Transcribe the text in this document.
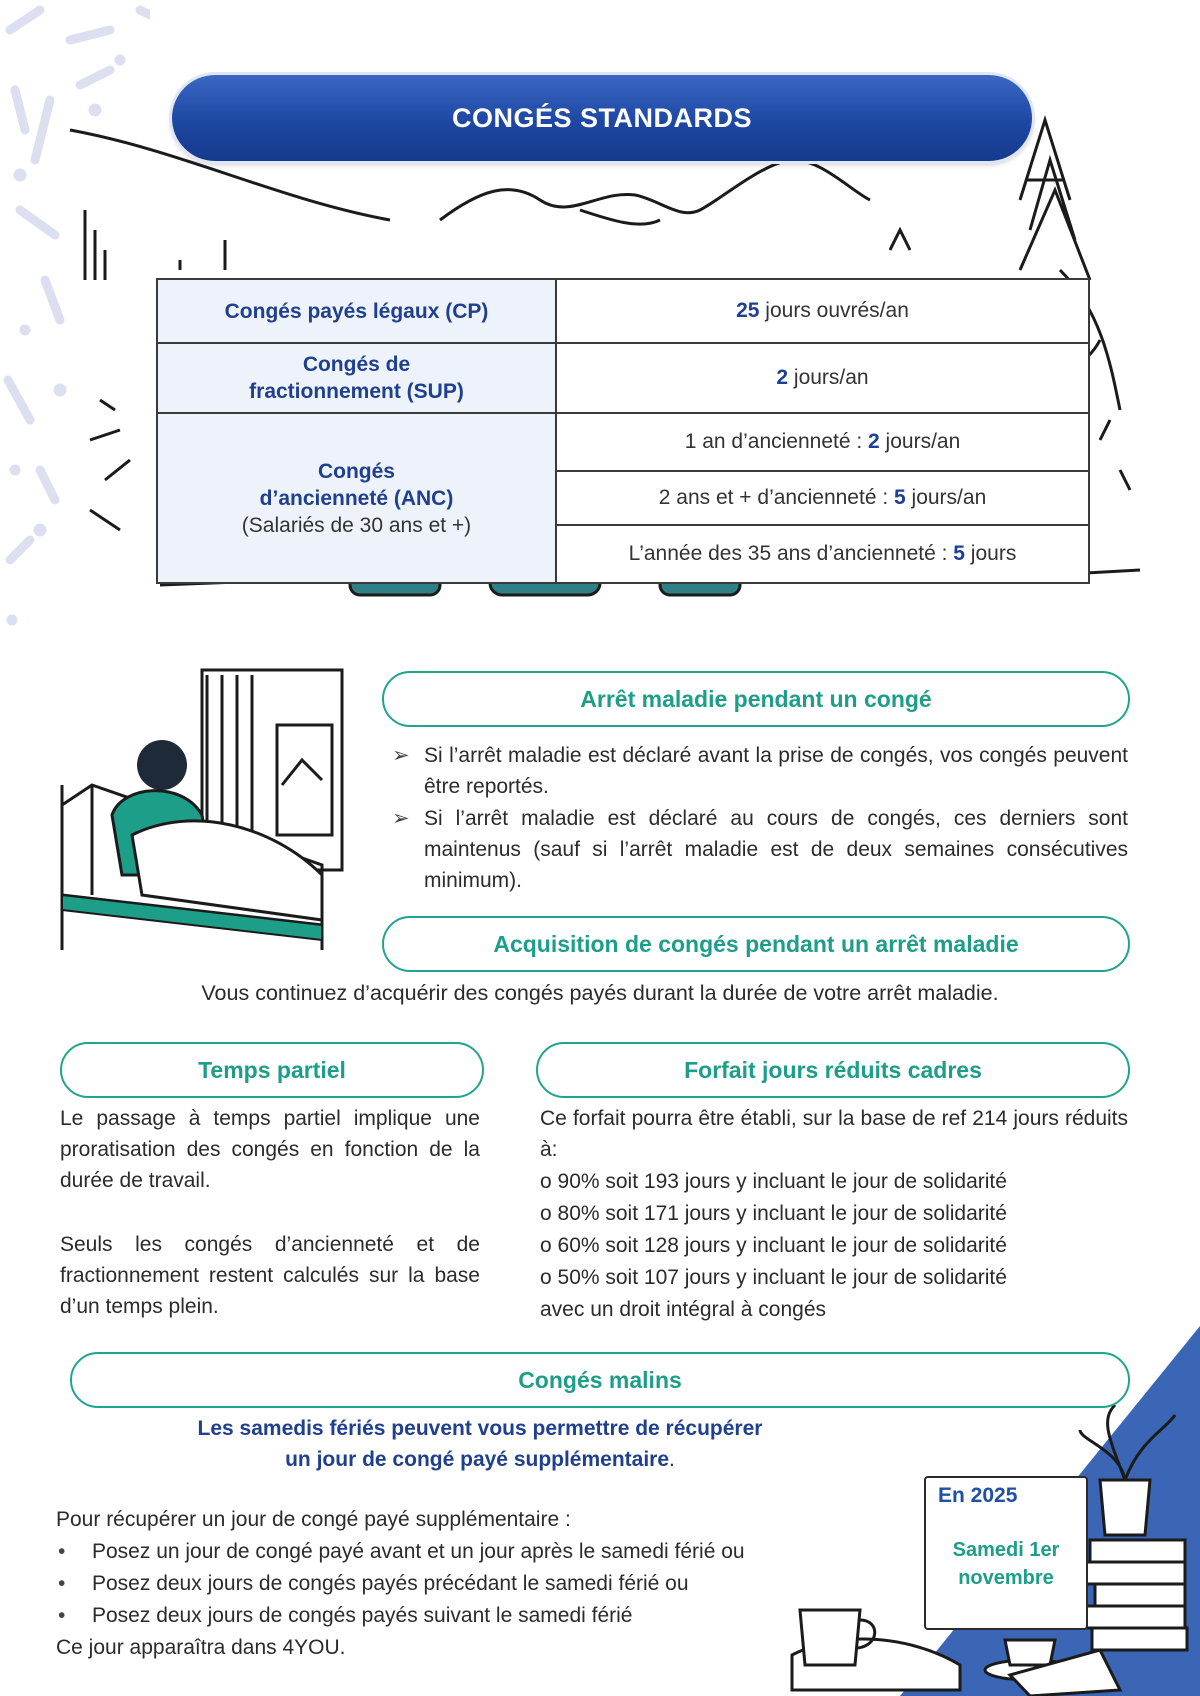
CONGÉS STANDARDS
Congés payés légaux (CP)	25 jours ouvrés/an
Congés de
fractionnement (SUP)	2 jours/an
Congés
d’ancienneté (ANC)
(Salariés de 30 ans et +)	1 an d’ancienneté : 2 jours/an
	2 ans et + d’ancienneté : 5 jours/an
	L’année des 35 ans d’ancienneté : 5 jours
Arrêt maladie pendant un congé
➢ Si l’arrêt maladie est déclaré avant la prise de congés, vos congés peuvent être reportés.
➢ Si l’arrêt maladie est déclaré au cours de congés, ces derniers sont maintenus (sauf si l’arrêt maladie est de deux semaines consécutives minimum).
Acquisition de congés pendant un arrêt maladie
Vous continuez d’acquérir des congés payés durant la durée de votre arrêt maladie.
Temps partiel
Le passage à temps partiel implique une proratisation des congés en fonction de la durée de travail.
Seuls les congés d’ancienneté et de fractionnement restent calculés sur la base d’un temps plein.
Forfait jours réduits cadres
Ce forfait pourra être établi, sur la base de ref 214 jours réduits à:
o 90% soit 193 jours y incluant le jour de solidarité
o 80% soit 171 jours y incluant le jour de solidarité
o 60% soit 128 jours y incluant le jour de solidarité
o 50% soit 107 jours y incluant le jour de solidarité
avec un droit intégral à congés
En 2025
Samedi 1er
novembre
Congés malins
Les samedis fériés peuvent vous permettre de récupérer
un jour de congé payé supplémentaire.
Pour récupérer un jour de congé payé supplémentaire :
• Posez un jour de congé payé avant et un jour après le samedi férié ou
• Posez deux jours de congés payés précédant le samedi férié ou
• Posez deux jours de congés payés suivant le samedi férié
Ce jour apparaîtra dans 4YOU.
